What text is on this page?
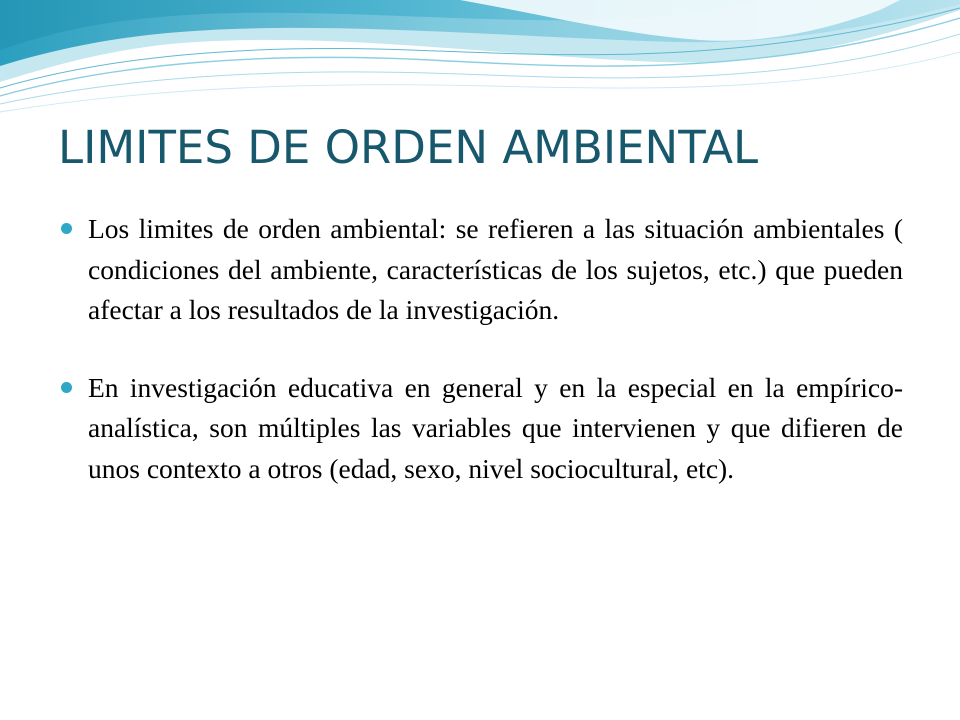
LIMITES DE ORDEN AMBIENTAL
Los limites de orden ambiental: se refieren a las situación ambientales ( condiciones del ambiente, características de los sujetos, etc.) que pueden afectar a los resultados de la investigación.
En investigación educativa en general y en la especial en la empírico- analística, son múltiples las variables que intervienen y que difieren de unos contexto a otros (edad, sexo, nivel sociocultural, etc).
